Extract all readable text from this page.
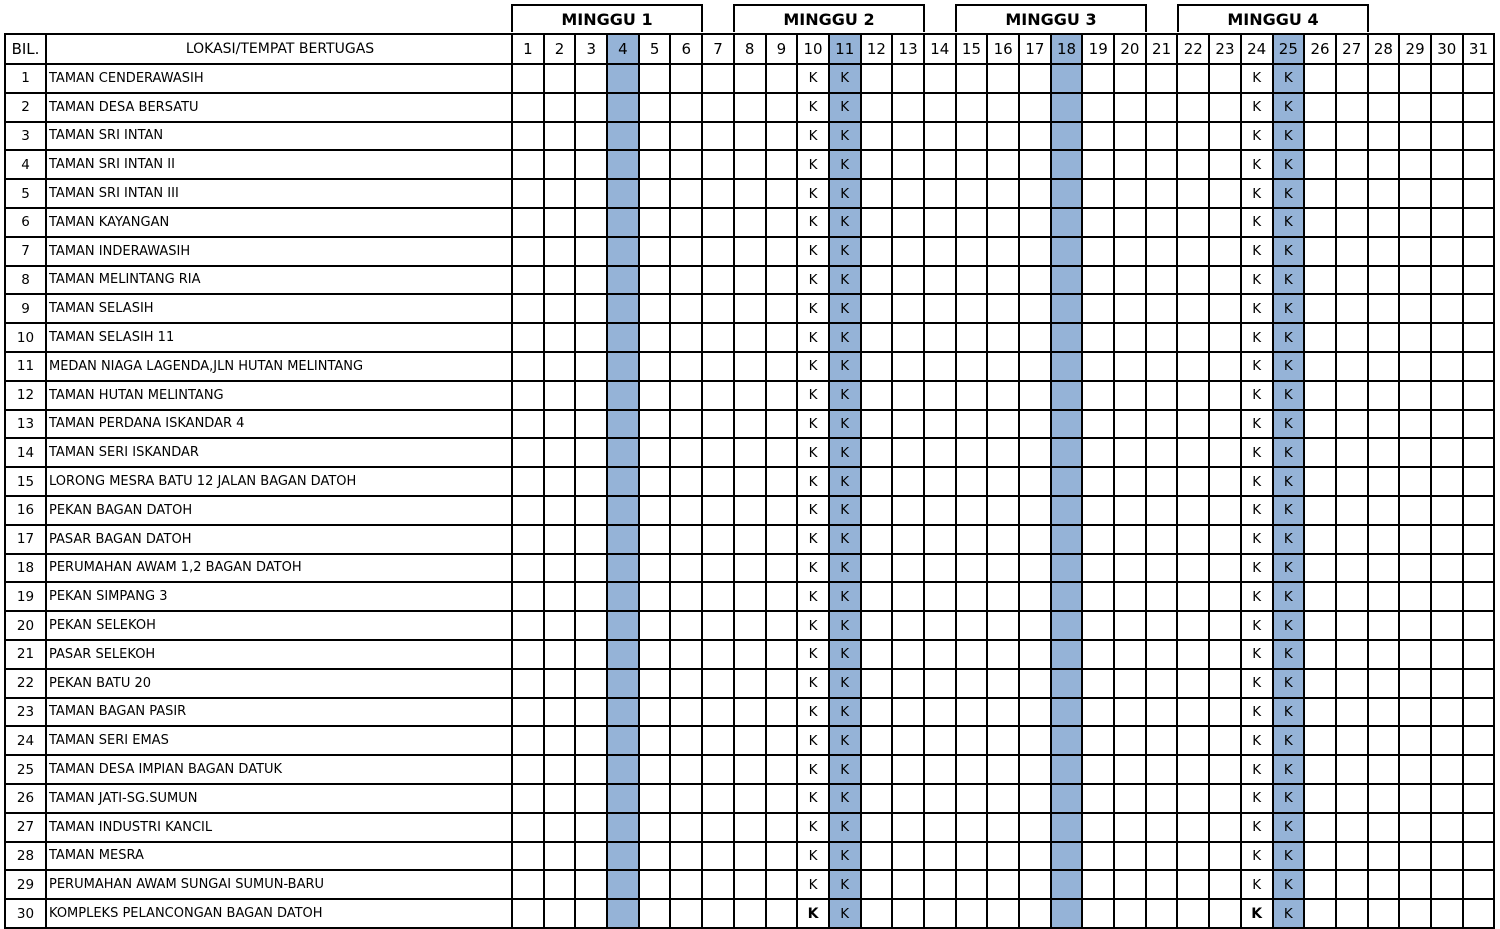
MINGGU 1	MINGGU 2	MINGGU 3	MINGGU 4
BIL.	LOKASI/TEMPAT BERTUGAS	1	2	3	4	5	6	7	8	9	10	11	12	13	14	15	16	17	18	19	20	21	22	23	24	25	26	27	28	29	30	31
1	TAMAN CENDERAWASIH										K	K													K	K						
2	TAMAN DESA BERSATU										K	K													K	K						
3	TAMAN SRI INTAN										K	K													K	K						
4	TAMAN SRI INTAN II										K	K													K	K						
5	TAMAN SRI INTAN III										K	K													K	K						
6	TAMAN KAYANGAN										K	K													K	K						
7	TAMAN INDERAWASIH										K	K													K	K						
8	TAMAN MELINTANG RIA										K	K													K	K						
9	TAMAN SELASIH										K	K													K	K						
10	TAMAN SELASIH 11										K	K													K	K						
11	MEDAN NIAGA LAGENDA,JLN HUTAN MELINTANG										K	K													K	K						
12	TAMAN HUTAN MELINTANG										K	K													K	K						
13	TAMAN PERDANA ISKANDAR 4										K	K													K	K						
14	TAMAN SERI ISKANDAR										K	K													K	K						
15	LORONG MESRA BATU 12 JALAN BAGAN DATOH										K	K													K	K						
16	PEKAN BAGAN DATOH										K	K													K	K						
17	PASAR BAGAN DATOH										K	K													K	K						
18	PERUMAHAN AWAM 1,2 BAGAN DATOH										K	K													K	K						
19	PEKAN SIMPANG 3										K	K													K	K						
20	PEKAN SELEKOH										K	K													K	K						
21	PASAR SELEKOH										K	K													K	K						
22	PEKAN BATU 20										K	K													K	K						
23	TAMAN BAGAN PASIR										K	K													K	K						
24	TAMAN SERI EMAS										K	K													K	K						
25	TAMAN DESA IMPIAN BAGAN DATUK										K	K													K	K						
26	TAMAN JATI-SG.SUMUN										K	K													K	K						
27	TAMAN INDUSTRI KANCIL										K	K													K	K						
28	TAMAN MESRA										K	K													K	K						
29	PERUMAHAN AWAM SUNGAI SUMUN-BARU										K	K													K	K						
30	KOMPLEKS PELANCONGAN BAGAN DATOH										K	K													K	K						
